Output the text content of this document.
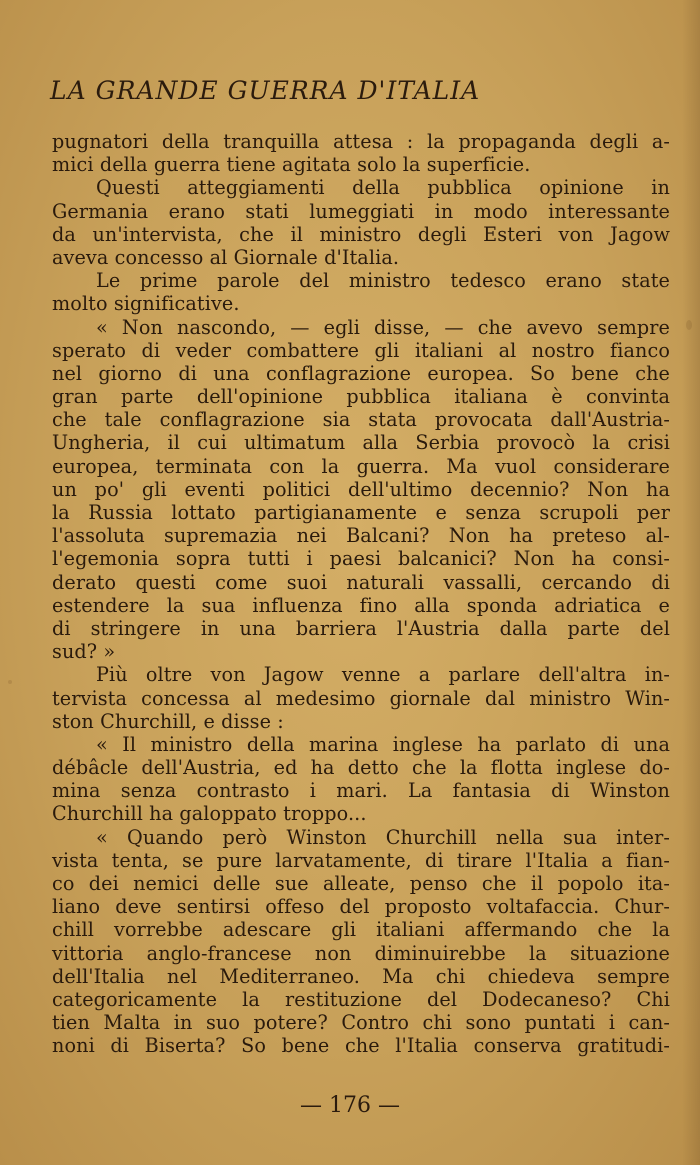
LA GRANDE GUERRA D'ITALIA
pugnatori della tranquilla attesa : la propaganda degli a-
mici della guerra tiene agitata solo la superficie.
Questi atteggiamenti della pubblica opinione in
Germania erano stati lumeggiati in modo interessante
da un'intervista, che il ministro degli Esteri von Jagow
aveva concesso al Giornale d'Italia.
Le prime parole del ministro tedesco erano state
molto significative.
« Non nascondo, — egli disse, — che avevo sempre
sperato di veder combattere gli italiani al nostro fianco
nel giorno di una conflagrazione europea. So bene che
gran parte dell'opinione pubblica italiana è convinta
che tale conflagrazione sia stata provocata dall'Austria-
Ungheria, il cui ultimatum alla Serbia provocò la crisi
europea, terminata con la guerra. Ma vuol considerare
un po' gli eventi politici dell'ultimo decennio? Non ha
la Russia lottato partigianamente e senza scrupoli per
l'assoluta supremazia nei Balcani? Non ha preteso al-
l'egemonia sopra tutti i paesi balcanici? Non ha consi-
derato questi come suoi naturali vassalli, cercando di
estendere la sua influenza fino alla sponda adriatica e
di stringere in una barriera l'Austria dalla parte del
sud? »
Più oltre von Jagow venne a parlare dell'altra in-
tervista concessa al medesimo giornale dal ministro Win-
ston Churchill, e disse :
« Il ministro della marina inglese ha parlato di una
débâcle dell'Austria, ed ha detto che la flotta inglese do-
mina senza contrasto i mari. La fantasia di Winston
Churchill ha galoppato troppo...
« Quando però Winston Churchill nella sua inter-
vista tenta, se pure larvatamente, di tirare l'Italia a fian-
co dei nemici delle sue alleate, penso che il popolo ita-
liano deve sentirsi offeso del proposto voltafaccia. Chur-
chill vorrebbe adescare gli italiani affermando che la
vittoria anglo-francese non diminuirebbe la situazione
dell'Italia nel Mediterraneo. Ma chi chiedeva sempre
categoricamente la restituzione del Dodecaneso? Chi
tien Malta in suo potere? Contro chi sono puntati i can-
noni di Biserta? So bene che l'Italia conserva gratitudi-
— 176 —
